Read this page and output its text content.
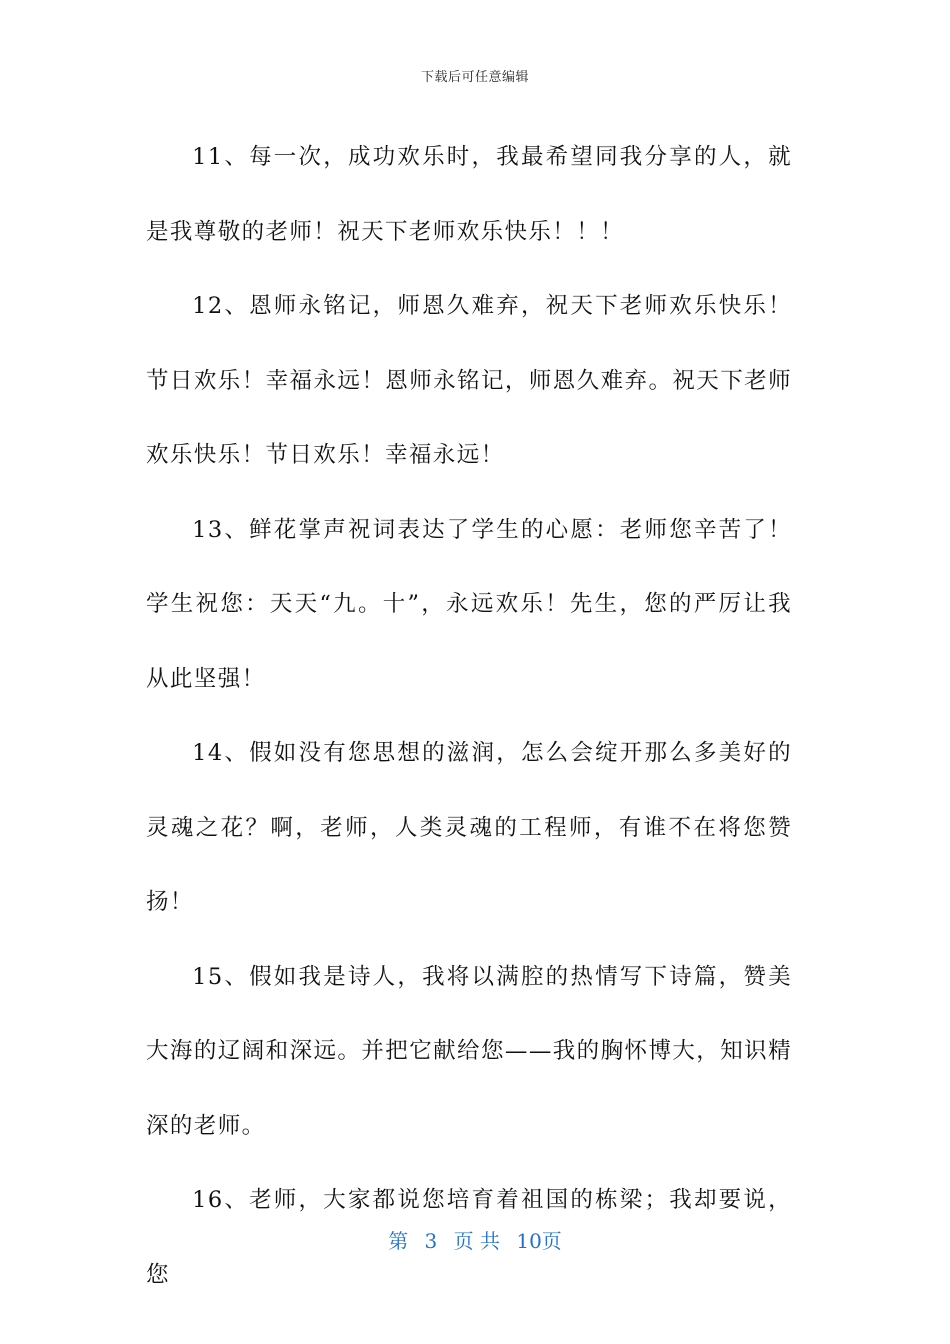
下载后可任意编辑

11、每一次，成功欢乐时，我最希望同我分享的人，就是我尊敬的老师！祝天下老师欢乐快乐！！！

12、恩师永铭记，师恩久难弃，祝天下老师欢乐快乐！节日欢乐！幸福永远！恩师永铭记，师恩久难弃。祝天下老师欢乐快乐！节日欢乐！幸福永远！

13、鲜花掌声祝词表达了学生的心愿：老师您辛苦了！学生祝您：天天“九。十”，永远欢乐！先生，您的严厉让我从此坚强！

14、假如没有您思想的滋润，怎么会绽开那么多美好的灵魂之花？啊，老师，人类灵魂的工程师，有谁不在将您赞扬！

15、假如我是诗人，我将以满腔的热情写下诗篇，赞美大海的辽阔和深远。并把它献给您——我的胸怀博大，知识精深的老师。

16、老师，大家都说您培育着祖国的栋梁；我却要说，您

第 3 页 共 10页
